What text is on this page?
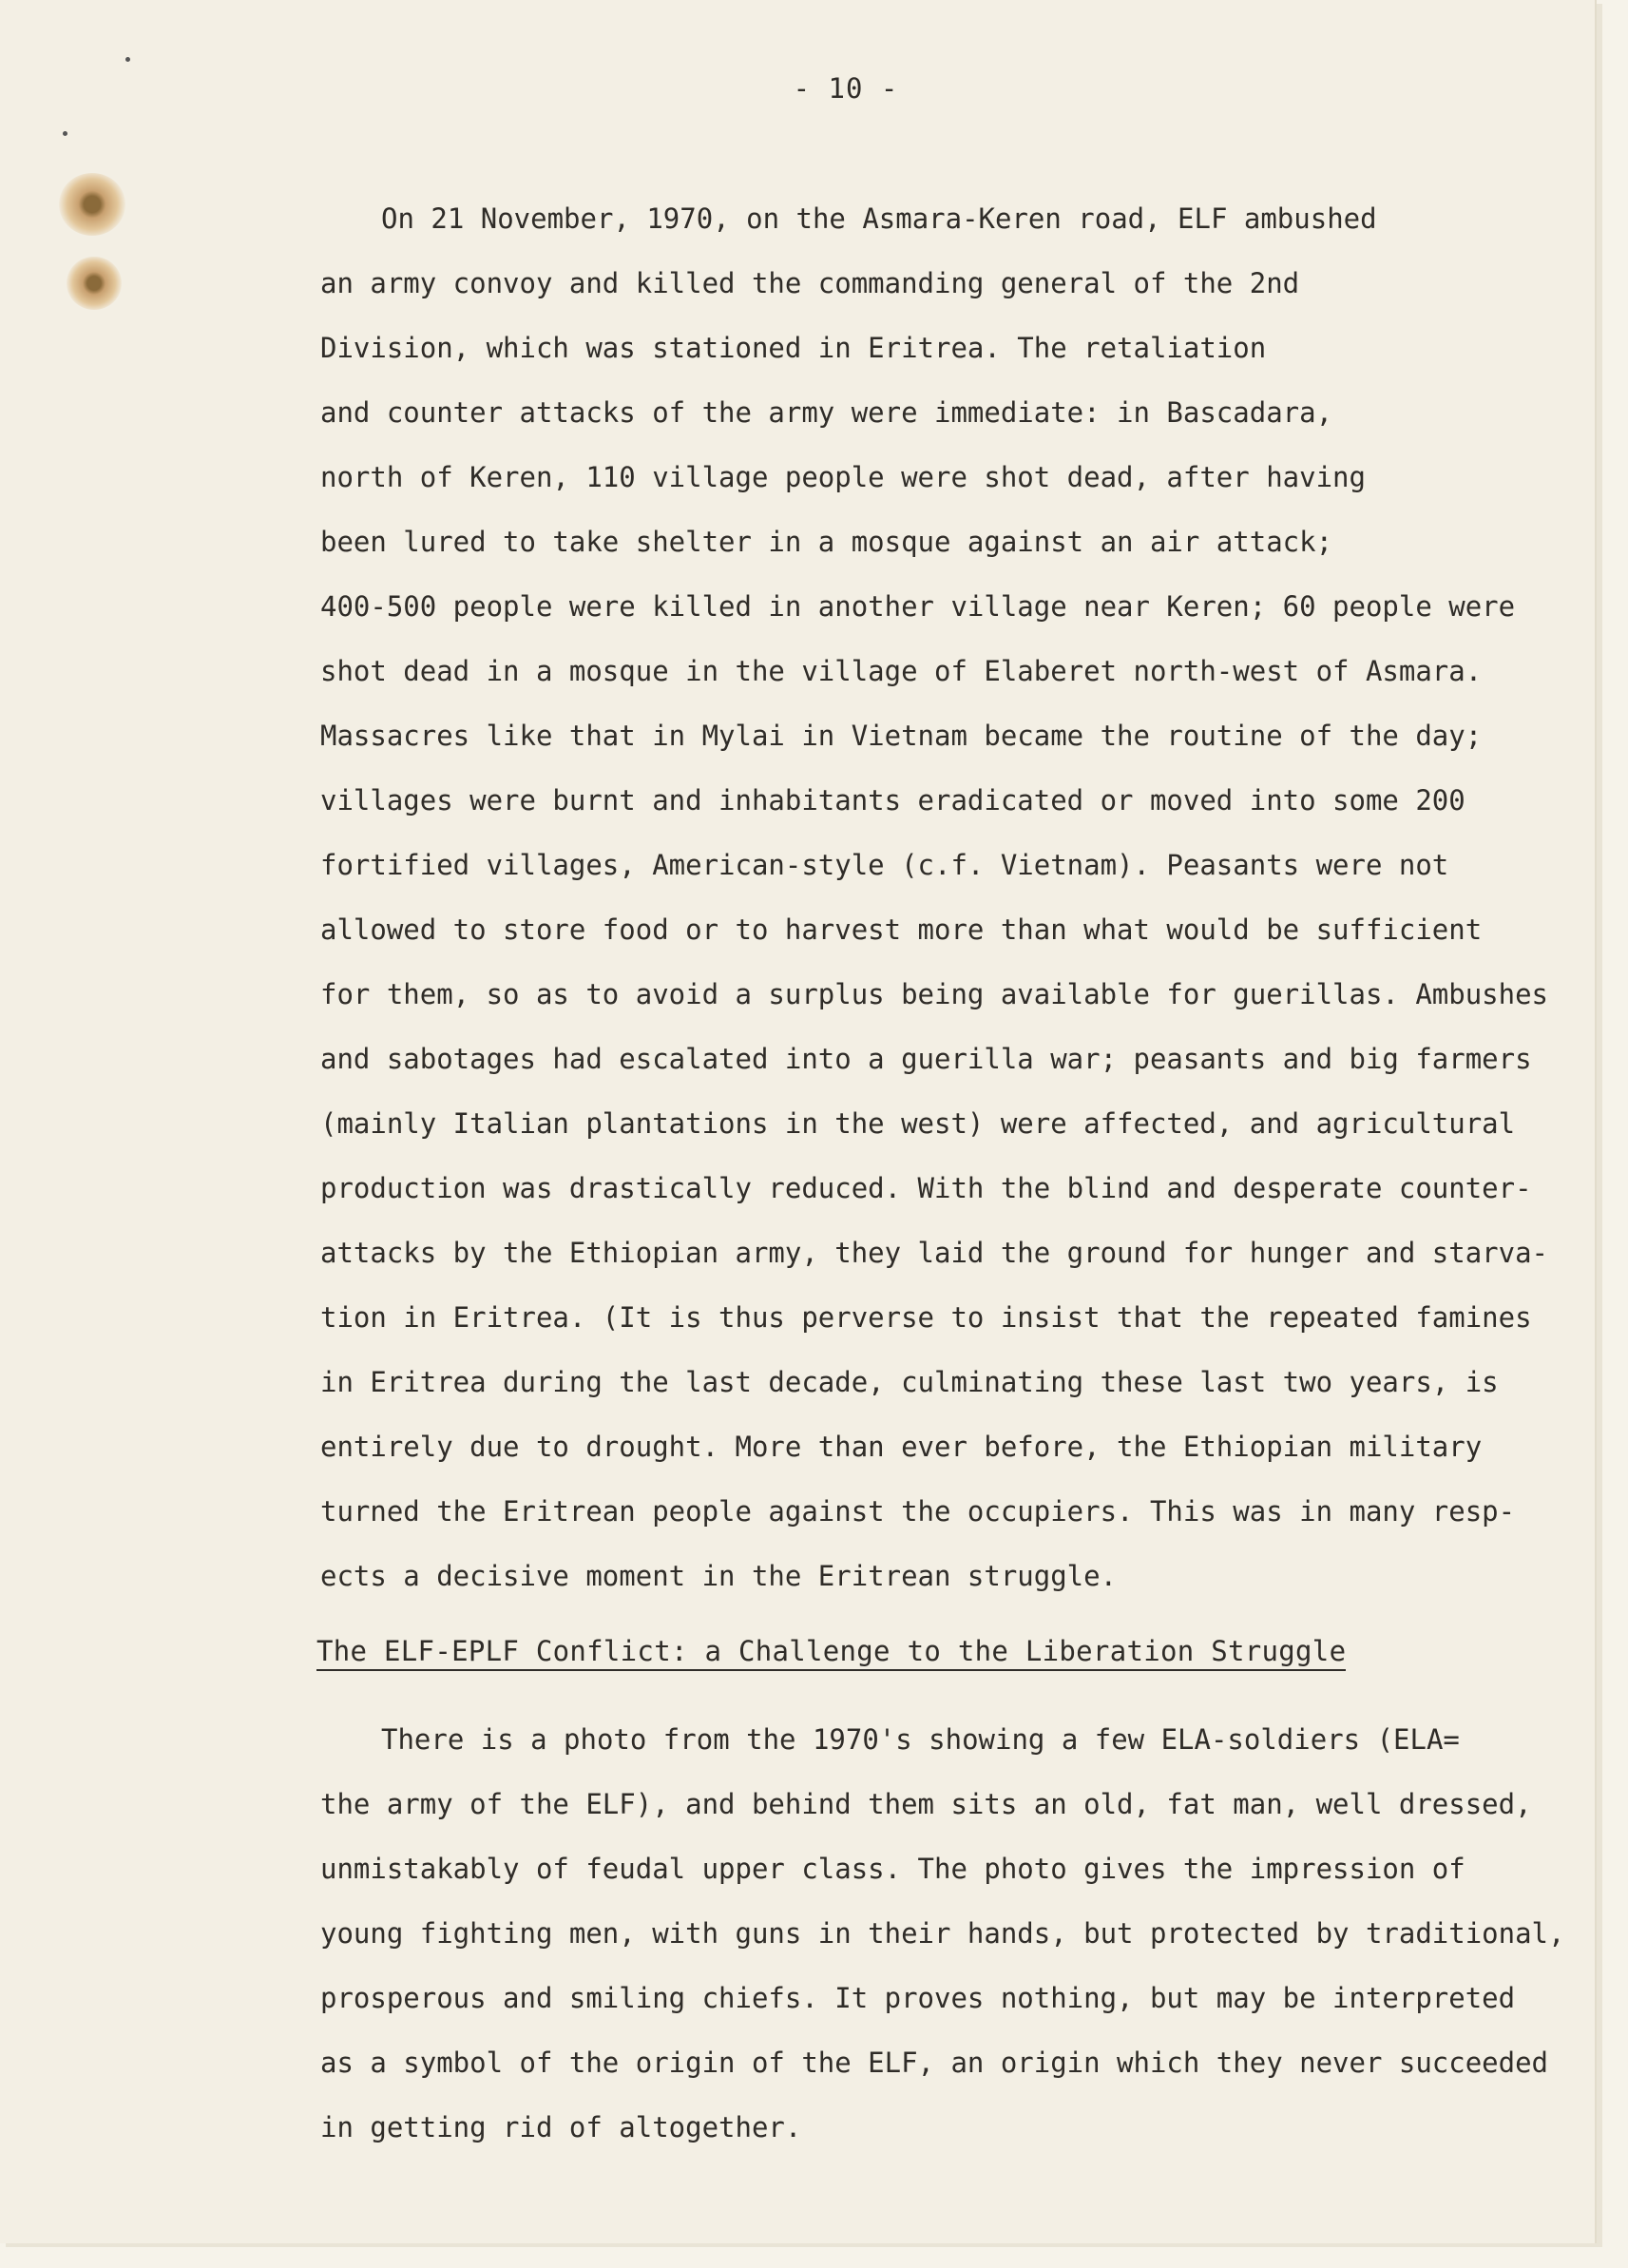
- 10 -
On 21 November, 1970, on the Asmara-Keren road, ELF ambushed
an army convoy and killed the commanding general of the 2nd
Division, which was stationed in Eritrea. The retaliation
and counter attacks of the army were immediate: in Bascadara,
north of Keren, 110 village people were shot dead, after having
been lured to take shelter in a mosque against an air attack;
400-500 people were killed in another village near Keren; 60 people were
shot dead in a mosque in the village of Elaberet north-west of Asmara.
Massacres like that in Mylai in Vietnam became the routine of the day;
villages were burnt and inhabitants eradicated or moved into some 200
fortified villages, American-style (c.f. Vietnam). Peasants were not
allowed to store food or to harvest more than what would be sufficient
for them, so as to avoid a surplus being available for guerillas. Ambushes
and sabotages had escalated into a guerilla war; peasants and big farmers
(mainly Italian plantations in the west) were affected, and agricultural
production was drastically reduced. With the blind and desperate counter-
attacks by the Ethiopian army, they laid the ground for hunger and starva-
tion in Eritrea. (It is thus perverse to insist that the repeated famines
in Eritrea during the last decade, culminating these last two years, is
entirely due to drought. More than ever before, the Ethiopian military
turned the Eritrean people against the occupiers. This was in many resp-
ects a decisive moment in the Eritrean struggle.
The ELF-EPLF Conflict: a Challenge to the Liberation Struggle
There is a photo from the 1970's showing a few ELA-soldiers (ELA=
the army of the ELF), and behind them sits an old, fat man, well dressed,
unmistakably of feudal upper class. The photo gives the impression of
young fighting men, with guns in their hands, but protected by traditional,
prosperous and smiling chiefs. It proves nothing, but may be interpreted
as a symbol of the origin of the ELF, an origin which they never succeeded
in getting rid of altogether.
